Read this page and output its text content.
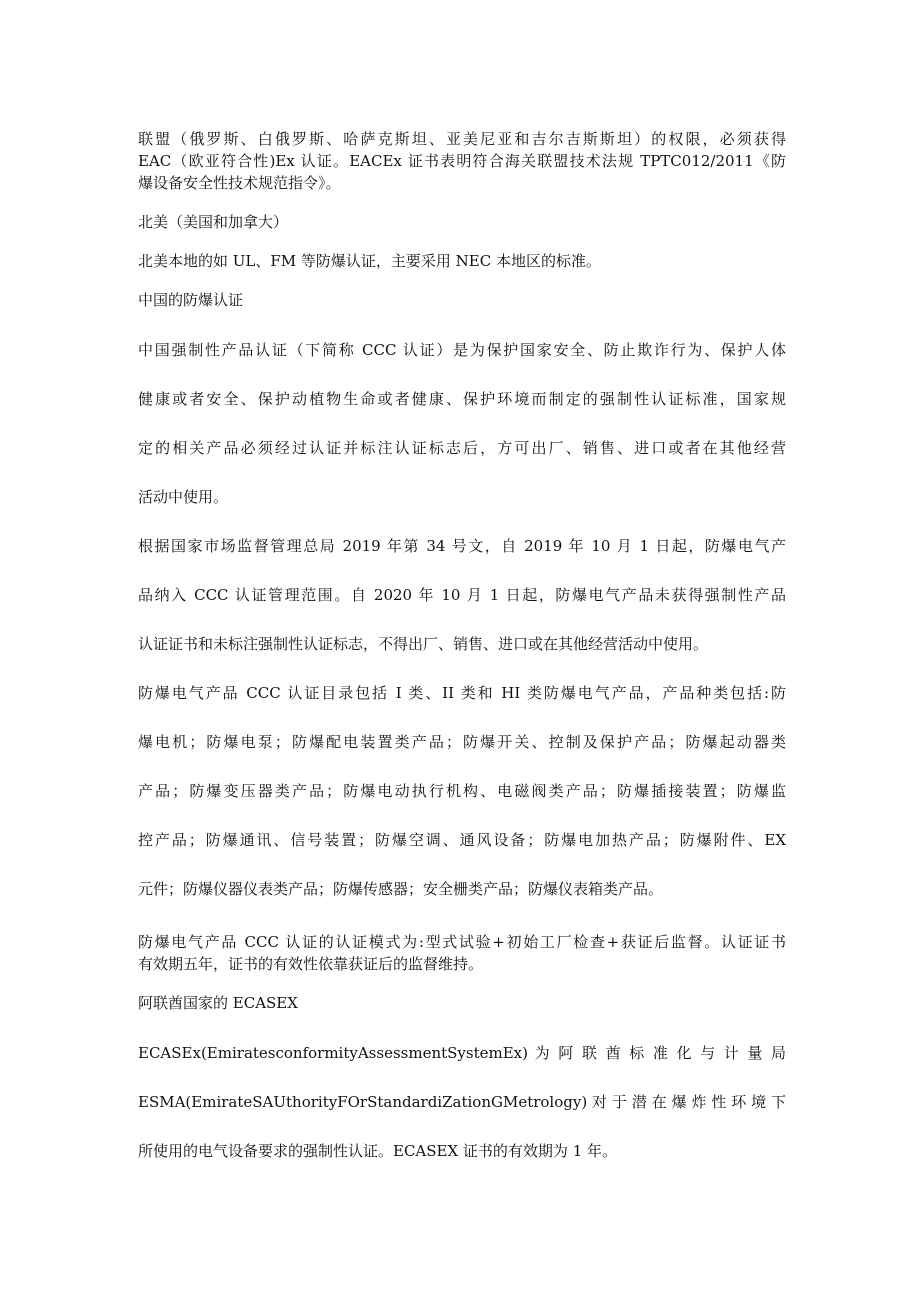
联盟（俄罗斯、白俄罗斯、哈萨克斯坦、亚美尼亚和吉尔吉斯斯坦）的权限，必须获得
EAC（欧亚符合性)Ex 认证。EACEx 证书表明符合海关联盟技术法规 TPTC012/2011《防
爆设备安全性技术规范指令》。
北美（美国和加拿大）
北美本地的如 UL、FM 等防爆认证，主要采用 NEC 本地区的标准。
中国的防爆认证
中国强制性产品认证（下简称 CCC 认证）是为保护国家安全、防止欺诈行为、保护人体
健康或者安全、保护动植物生命或者健康、保护环境而制定的强制性认证标准，国家规
定的相关产品必须经过认证并标注认证标志后，方可出厂、销售、进口或者在其他经营
活动中使用。
根据国家市场监督管理总局 2019 年第 34 号文，自 2019 年 10 月 1 日起，防爆电气产
品纳入 CCC 认证管理范围。自 2020 年 10 月 1 日起，防爆电气产品未获得强制性产品
认证证书和未标注强制性认证标志，不得出厂、销售、进口或在其他经营活动中使用。
防爆电气产品 CCC 认证目录包括 I 类、II 类和 HI 类防爆电气产品，产品种类包括:防
爆电机；防爆电泵；防爆配电装置类产品；防爆开关、控制及保护产品；防爆起动器类
产品；防爆变压器类产品；防爆电动执行机构、电磁阀类产品；防爆插接装置；防爆监
控产品；防爆通讯、信号装置；防爆空调、通风设备；防爆电加热产品；防爆附件、EX
元件；防爆仪器仪表类产品；防爆传感器；安全栅类产品；防爆仪表箱类产品。
防爆电气产品 CCC 认证的认证模式为:型式试验+初始工厂检查+获证后监督。认证证书
有效期五年，证书的有效性依靠获证后的监督维持。
阿联酋国家的 ECASEX
ECASEx(EmiratesconformityAssessmentSystemEx) 为 阿 联 酋 标 准 化 与 计 量 局
ESMA(EmirateSAUthorityFOrStandardiZationGMetrology)对于潜在爆炸性环境下
所使用的电气设备要求的强制性认证。ECASEX 证书的有效期为 1 年。
